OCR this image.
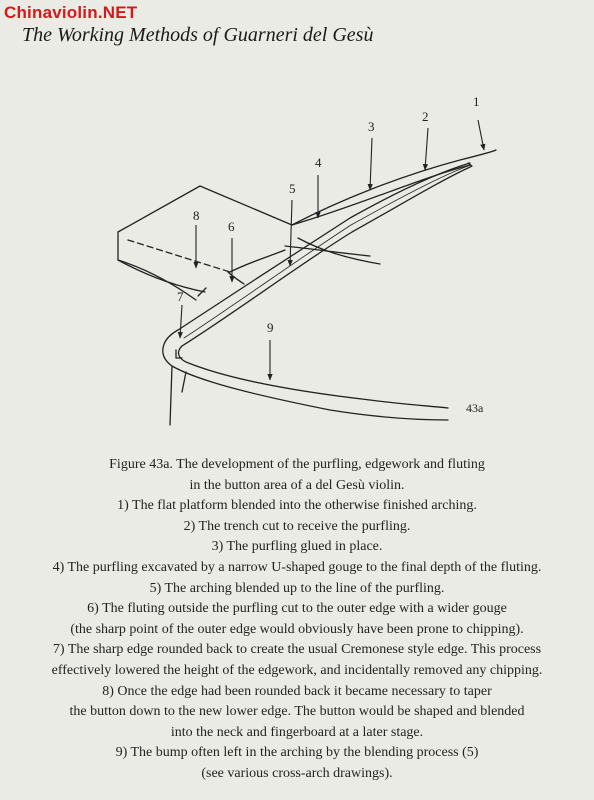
Chinaviolin.NET
The Working Methods of Guarneri del Gesù
1
2
3
4
5
6
8
7
9
43a
Figure 43a. The development of the purfling, edgework and fluting
in the button area of a del Gesù violin.
1) The flat platform blended into the otherwise finished arching.
2) The trench cut to receive the purfling.
3) The purfling glued in place.
4) The purfling excavated by a narrow U-shaped gouge to the final depth of the fluting.
5) The arching blended up to the line of the purfling.
6) The fluting outside the purfling cut to the outer edge with a wider gouge
(the sharp point of the outer edge would obviously have been prone to chipping).
7) The sharp edge rounded back to create the usual Cremonese style edge. This process
effectively lowered the height of the edgework, and incidentally removed any chipping.
8) Once the edge had been rounded back it became necessary to taper
the button down to the new lower edge. The button would be shaped and blended
into the neck and fingerboard at a later stage.
9) The bump often left in the arching by the blending process (5)
(see various cross-arch drawings).
